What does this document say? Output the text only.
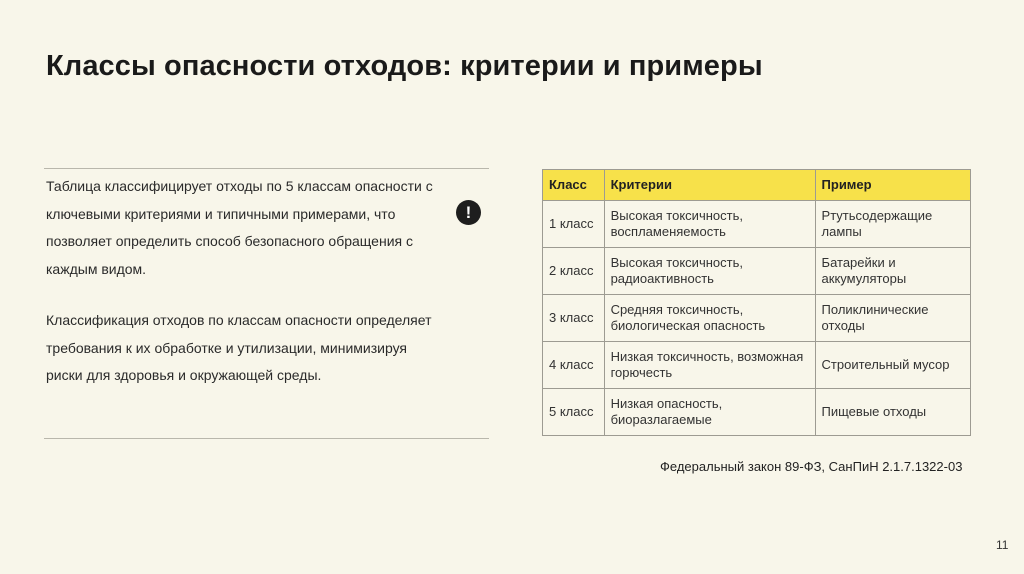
Классы опасности отходов: критерии и примеры
Таблица классифицирует отходы по 5 классам опасности с ключевыми критериями и типичными примерами, что позволяет определить способ безопасного обращения с каждым видом.
Классификация отходов по классам опасности определяет требования к их обработке и утилизации, минимизируя риски для здоровья и окружающей среды.
!
Класс	Критерии	Пример
1 класс	Высокая токсичность, воспламеняемость	Ртутьсодержащие лампы
2 класс	Высокая токсичность, радиоактивность	Батарейки и аккумуляторы
3 класс	Средняя токсичность, биологическая опасность	Поликлинические отходы
4 класс	Низкая токсичность, возможная горючесть	Строительный мусор
5 класс	Низкая опасность, биоразлагаемые	Пищевые отходы
Федеральный закон 89-ФЗ, СанПиН 2.1.7.1322-03
11
